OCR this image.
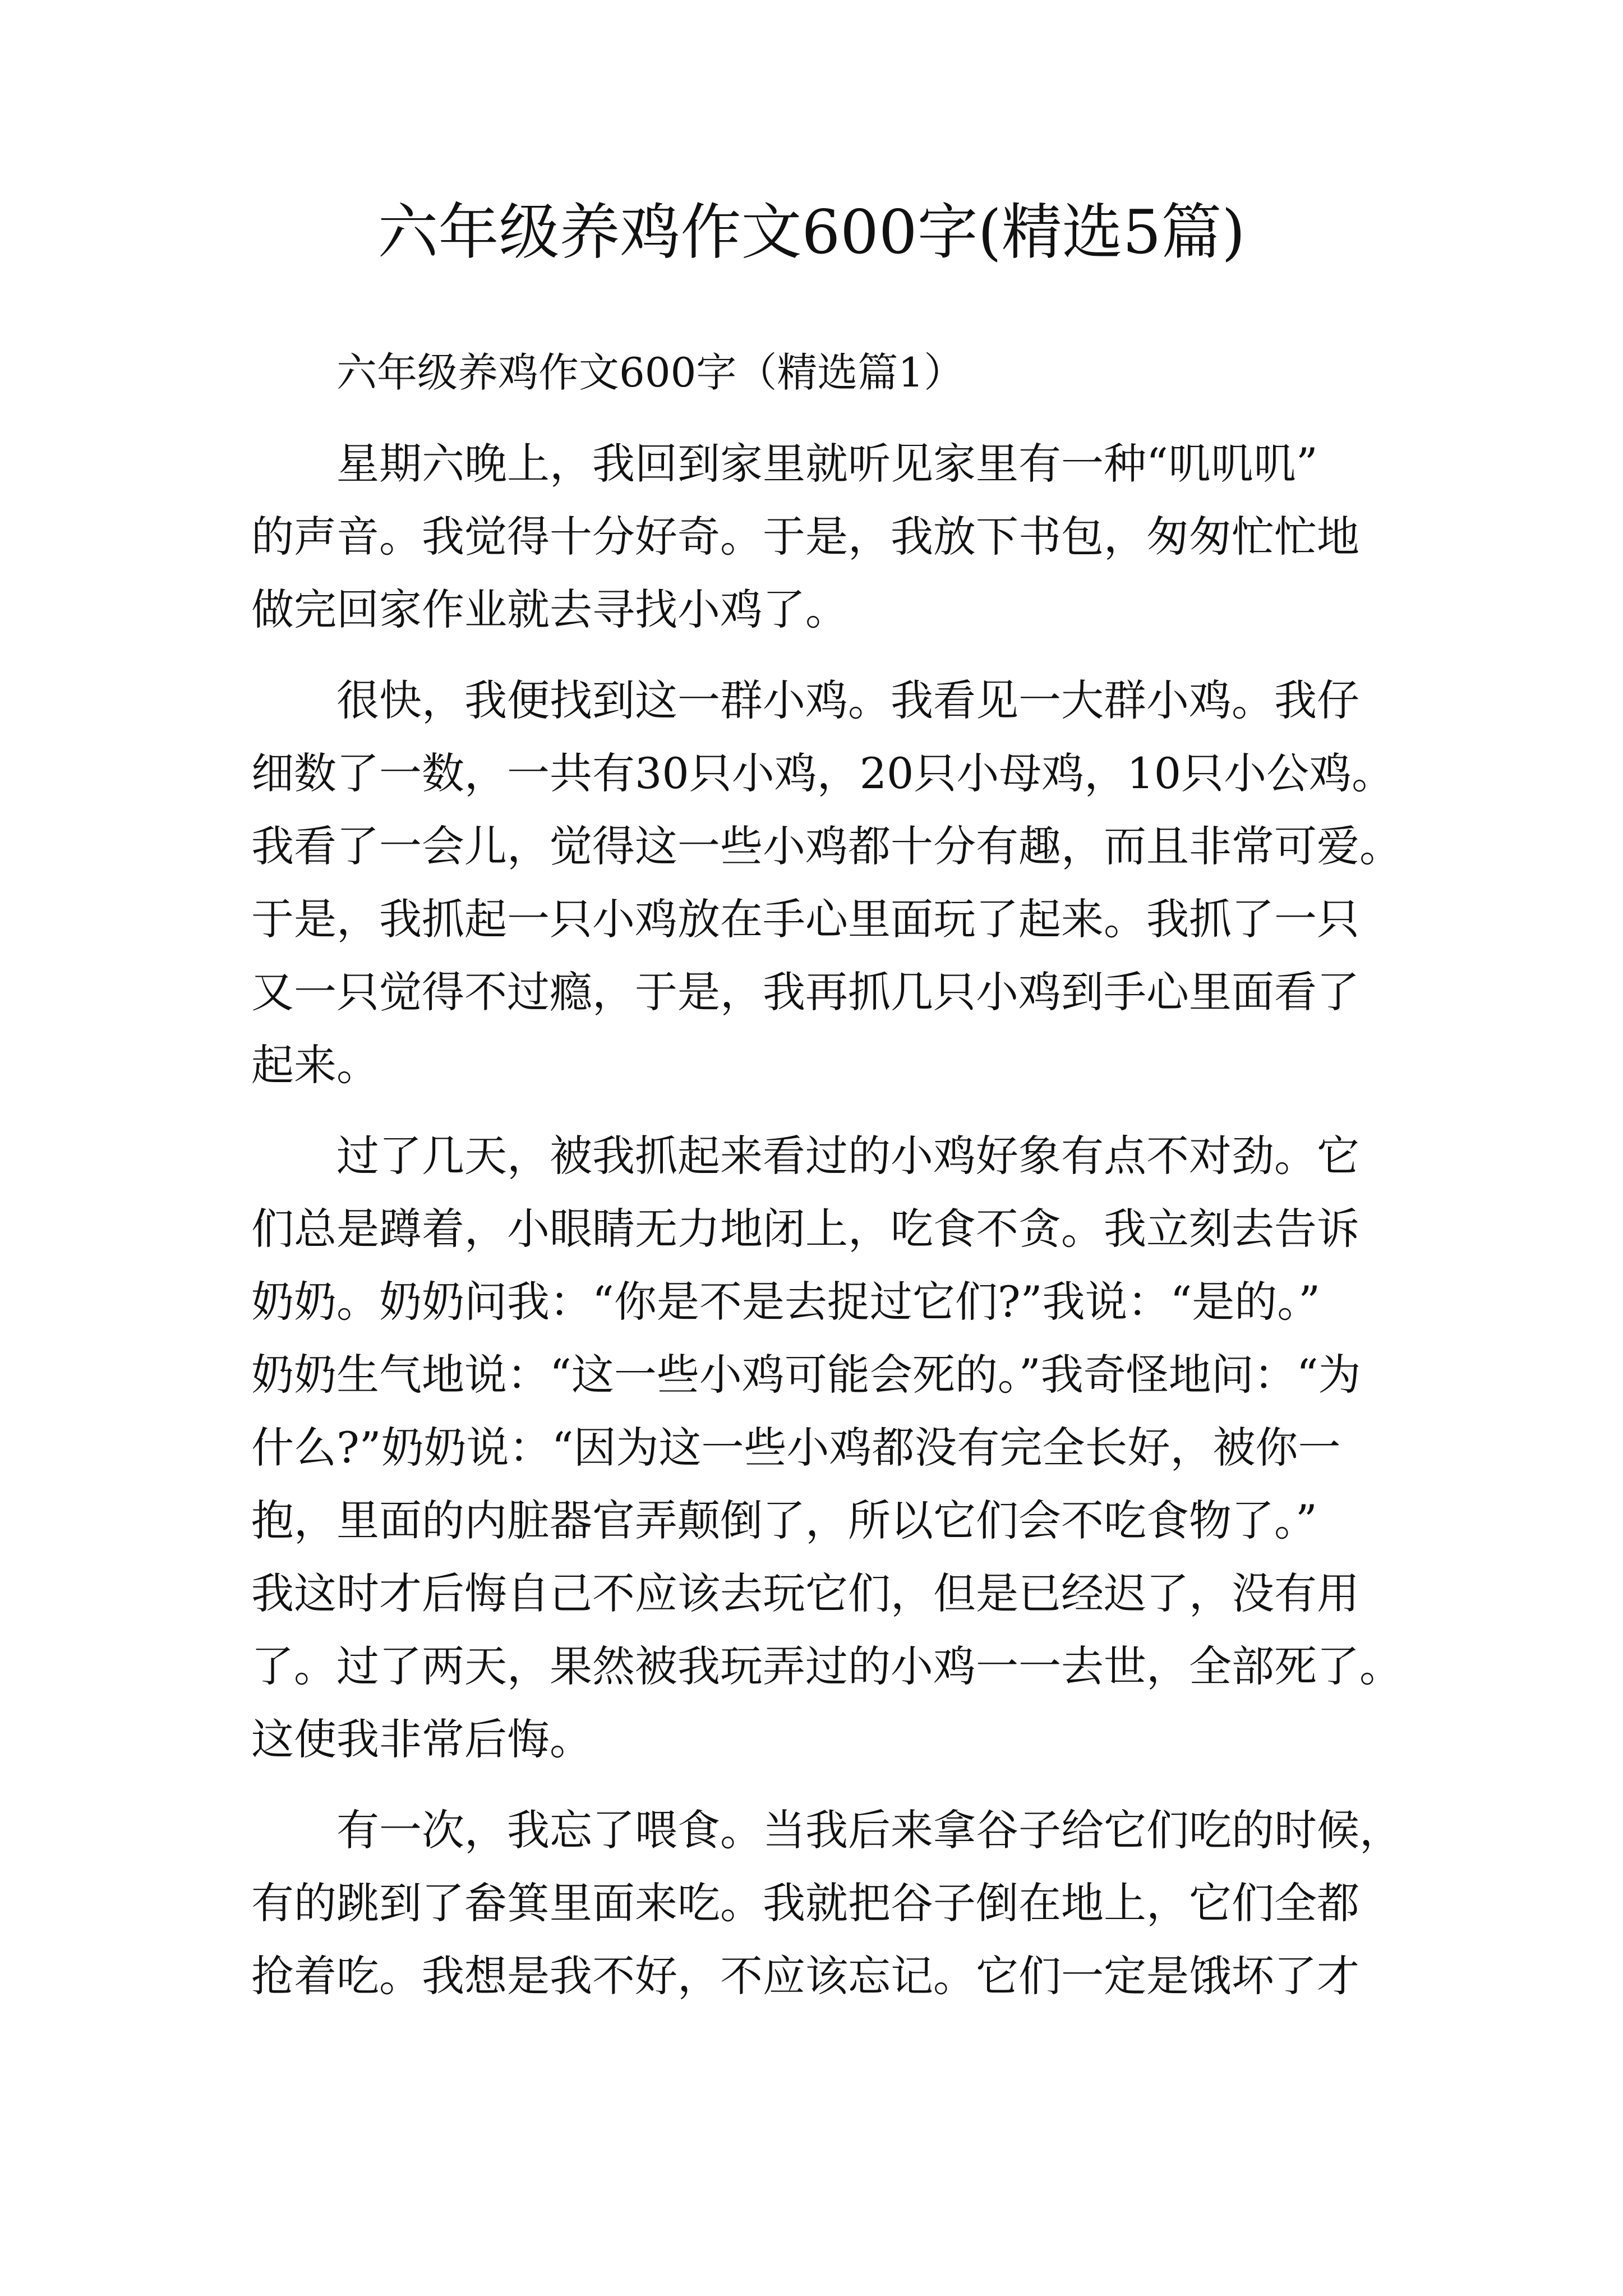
六年级养鸡作文600字(精选5篇)

六年级养鸡作文600字（精选篇1）

星期六晚上，我回到家里就听见家里有一种“叽叽叽”
的声音。我觉得十分好奇。于是，我放下书包，匆匆忙忙地
做完回家作业就去寻找小鸡了。

很快，我便找到这一群小鸡。我看见一大群小鸡。我仔
细数了一数，一共有30只小鸡，20只小母鸡，10只小公鸡。
我看了一会儿，觉得这一些小鸡都十分有趣，而且非常可爱。
于是，我抓起一只小鸡放在手心里面玩了起来。我抓了一只
又一只觉得不过瘾，于是，我再抓几只小鸡到手心里面看了
起来。

过了几天，被我抓起来看过的小鸡好象有点不对劲。它
们总是蹲着，小眼睛无力地闭上，吃食不贪。我立刻去告诉
奶奶。奶奶问我：“你是不是去捉过它们?”我说：“是的。”
奶奶生气地说：“这一些小鸡可能会死的。”我奇怪地问：“为
什么?”奶奶说：“因为这一些小鸡都没有完全长好，被你一
抱，里面的内脏器官弄颠倒了，所以它们会不吃食物了。”
我这时才后悔自己不应该去玩它们，但是已经迟了，没有用
了。过了两天，果然被我玩弄过的小鸡一一去世，全部死了。
这使我非常后悔。

有一次，我忘了喂食。当我后来拿谷子给它们吃的时候，
有的跳到了畚箕里面来吃。我就把谷子倒在地上，它们全都
抢着吃。我想是我不好，不应该忘记。它们一定是饿坏了才
